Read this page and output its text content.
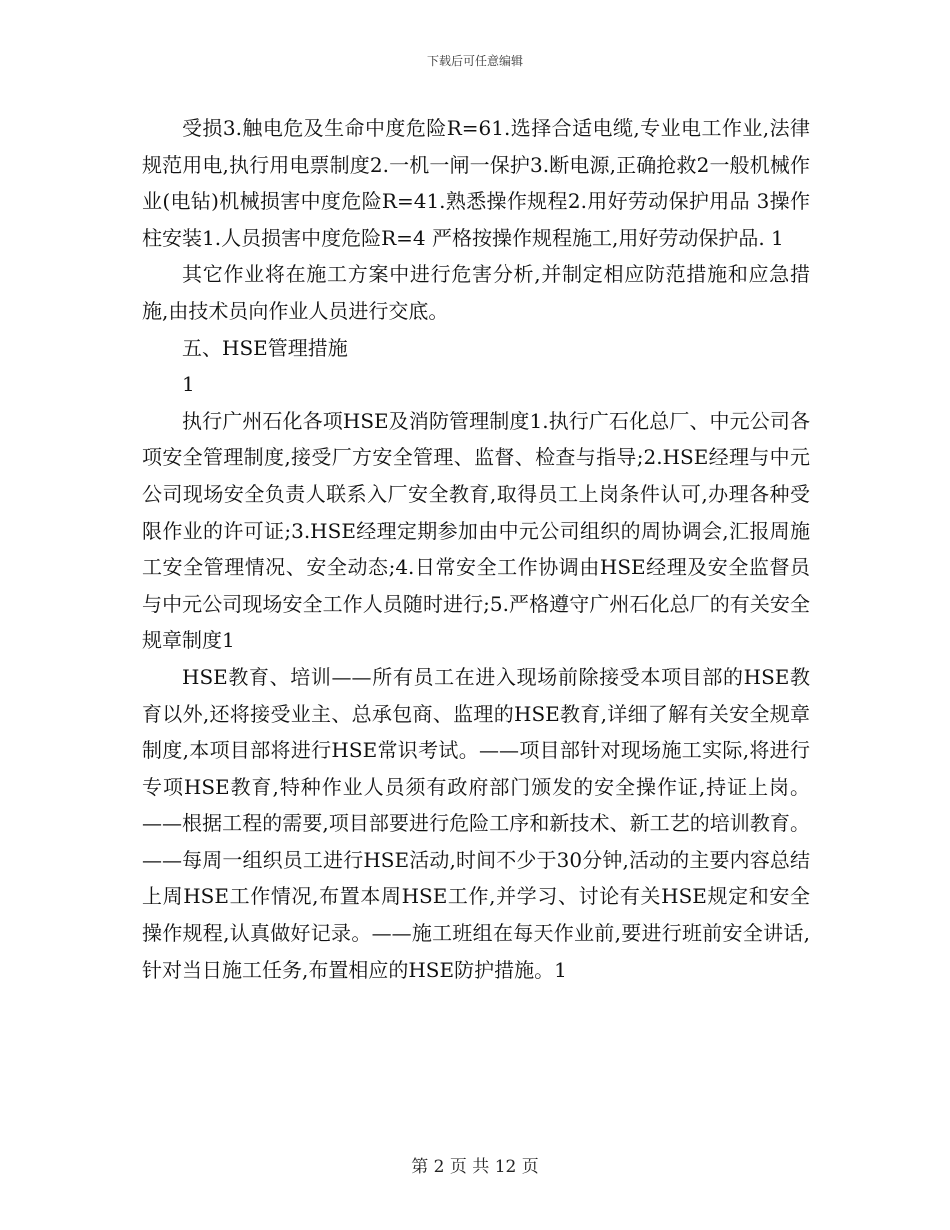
下载后可任意编辑

受损3.触电危及生命中度危险R=61.选择合适电缆,专业电工作业,法律规范用电,执行用电票制度2.一机一闸一保护3.断电源,正确抢救2一般机械作业(电钻)机械损害中度危险R=41.熟悉操作规程2.用好劳动保护用品 3操作柱安装1.人员损害中度危险R=4 严格按操作规程施工,用好劳动保护品. 1

其它作业将在施工方案中进行危害分析,并制定相应防范措施和应急措施,由技术员向作业人员进行交底。

五、HSE管理措施

1

执行广州石化各项HSE及消防管理制度1.执行广石化总厂、中元公司各项安全管理制度,接受厂方安全管理、监督、检查与指导;2.HSE经理与中元公司现场安全负责人联系入厂安全教育,取得员工上岗条件认可,办理各种受限作业的许可证;3.HSE经理定期参加由中元公司组织的周协调会,汇报周施工安全管理情况、安全动态;4.日常安全工作协调由HSE经理及安全监督员与中元公司现场安全工作人员随时进行;5.严格遵守广州石化总厂的有关安全规章制度1

HSE教育、培训——所有员工在进入现场前除接受本项目部的HSE教育以外,还将接受业主、总承包商、监理的HSE教育,详细了解有关安全规章制度,本项目部将进行HSE常识考试。——项目部针对现场施工实际,将进行专项HSE教育,特种作业人员须有政府部门颁发的安全操作证,持证上岗。——根据工程的需要,项目部要进行危险工序和新技术、新工艺的培训教育。——每周一组织员工进行HSE活动,时间不少于30分钟,活动的主要内容总结上周HSE工作情况,布置本周HSE工作,并学习、讨论有关HSE规定和安全操作规程,认真做好记录。——施工班组在每天作业前,要进行班前安全讲话,针对当日施工任务,布置相应的HSE防护措施。1

第 2 页 共 12 页
